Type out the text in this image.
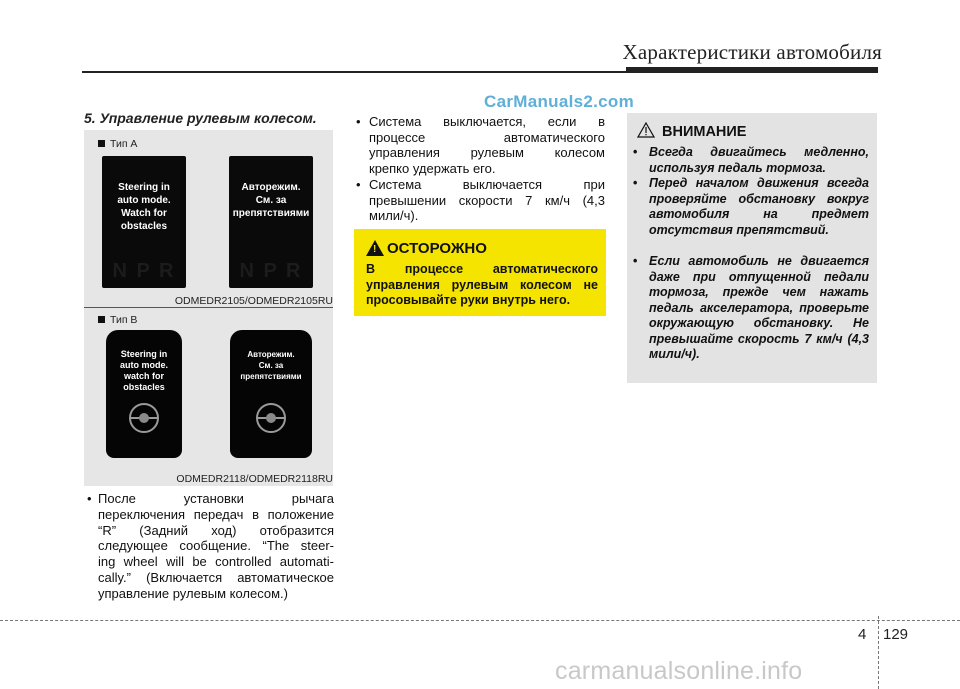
Характеристики автомобиля
CarManuals2.com
5. Управление рулевым колесом.
Тип A
Steering in
auto mode.
Watch for
obstacles
N P R
Авторежим.
См. за
препятствиями
N P R
ODMEDR2105/ODMEDR2105RU
Тип B
Steering in
auto mode.
watch for
obstacles
Авторежим.
См. за препятствиями
ODMEDR2118/ODMEDR2118RU
• После        установки        рычага
переключения передач в положение
“R” (Задний ход) отобразится
следующее сообщение. “The steer-
ing wheel will be controlled automati-
cally.” (Включается автоматическое
управление рулевым колесом.)
• Система выключается, если в
процессе              автоматического
управления рулевым колесом
крепко удержать его.
• Система выключается при
превышении скорости 7 км/ч (4,3
мили/ч).
! ОСТОРОЖНО
В процессе автоматического управления рулевым колесом не просовывайте руки внутрь него.
ВНИМАНИЕ
• Всегда двигайтесь медленно, используя педаль тормоза.
• Перед началом движения всегда проверяйте обстановку вокруг автомобиля на предмет отсутствия препятствий.
• Если автомобиль не двигается даже при отпущенной педали тормоза, прежде чем нажать педаль акселератора, проверьте окружающую обстановку. Не превышайте скорость 7 км/ч (4,3 мили/ч).
4 129
carmanualsonline.info
